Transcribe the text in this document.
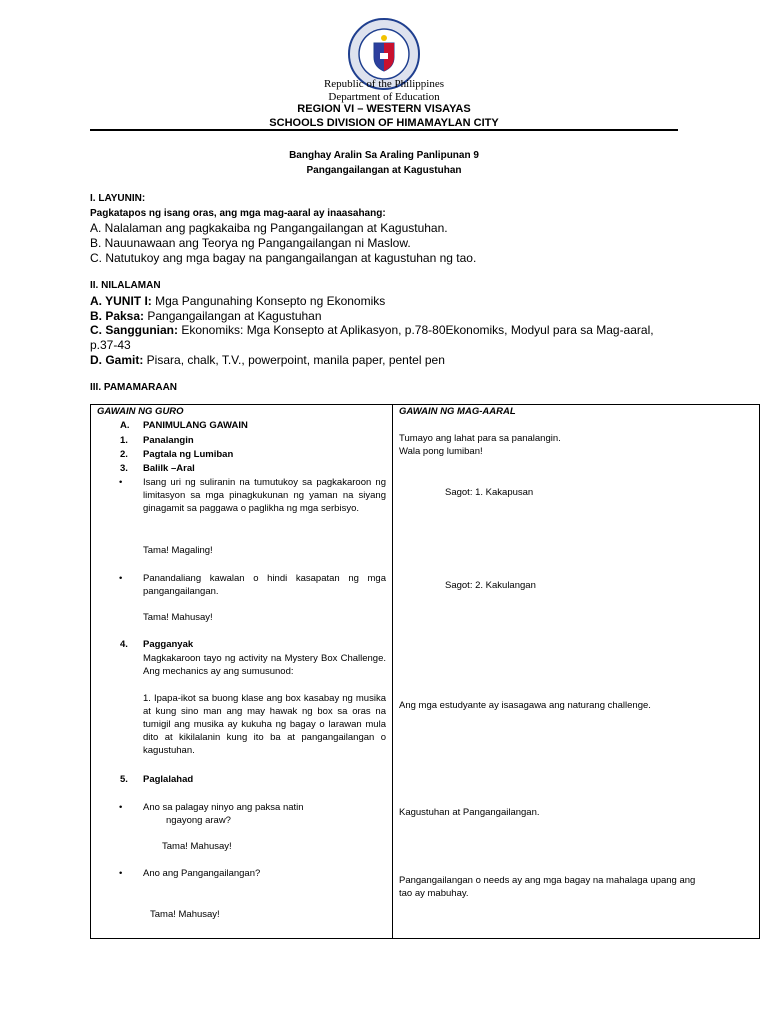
Republic of the Philippines
Department of Education
REGION VI – WESTERN VISAYAS
SCHOOLS DIVISION OF HIMAMAYLAN CITY
Banghay Aralin Sa Araling Panlipunan 9
Pangangailangan at Kagustuhan
I. LAYUNIN:
Pagkatapos ng isang oras, ang mga mag-aaral ay inaasahang:
A. Nalalaman ang pagkakaiba ng Pangangailangan at Kagustuhan.
B. Nauunawaan ang Teorya ng Pangangailangan ni Maslow.
C. Natutukoy ang mga bagay na pangangailangan at kagustuhan ng tao.
II. NILALAMAN
A. YUNIT I: Mga Pangunahing Konsepto ng Ekonomiks
B. Paksa: Pangangailangan at Kagustuhan
C. Sanggunian: Ekonomiks: Mga Konsepto at Aplikasyon, p.78-80Ekonomiks, Modyul para sa Mag-aaral,
p.37-43
D. Gamit: Pisara, chalk, T.V., powerpoint, manila paper, pentel pen
III. PAMAMARAAN
GAWAIN NG GURO
A. PANIMULANG GAWAIN
1. Panalangin
2. Pagtala ng Lumiban
3. Balilk –Aral
• Isang uri ng suliranin na tumutukoy sa pagkakaroon ng limitasyon sa mga pinagkukunan ng yaman na siyang ginagamit sa paggawa o paglikha ng mga serbisyo.
Tama! Magaling!
• Panandaliang kawalan o hindi kasapatan ng mga pangangailangan.
Tama! Mahusay!
4. Pagganyak
Magkakaroon tayo ng activity na Mystery Box Challenge. Ang mechanics ay ang sumusunod:
1. Ipapa-ikot sa buong klase ang box kasabay ng musika at kung sino man ang may hawak ng box sa oras na tumigil ang musika ay kukuha ng bagay o larawan mula dito at kikilalanin kung ito ba at pangangailangan o kagustuhan.
5. Paglalahad
• Ano sa palagay ninyo ang paksa natin
ngayong araw?
Tama! Mahusay!
• Ano ang Pangangailangan?
Tama! Mahusay!
GAWAIN NG MAG-AARAL
Tumayo ang lahat para sa panalangin.
Wala pong lumiban!
Sagot: 1. Kakapusan
Sagot: 2. Kakulangan
Ang mga estudyante ay isasagawa ang naturang challenge.
Kagustuhan at Pangangailangan.
Pangangailangan o needs ay ang mga bagay na mahalaga upang ang
tao ay mabuhay.
